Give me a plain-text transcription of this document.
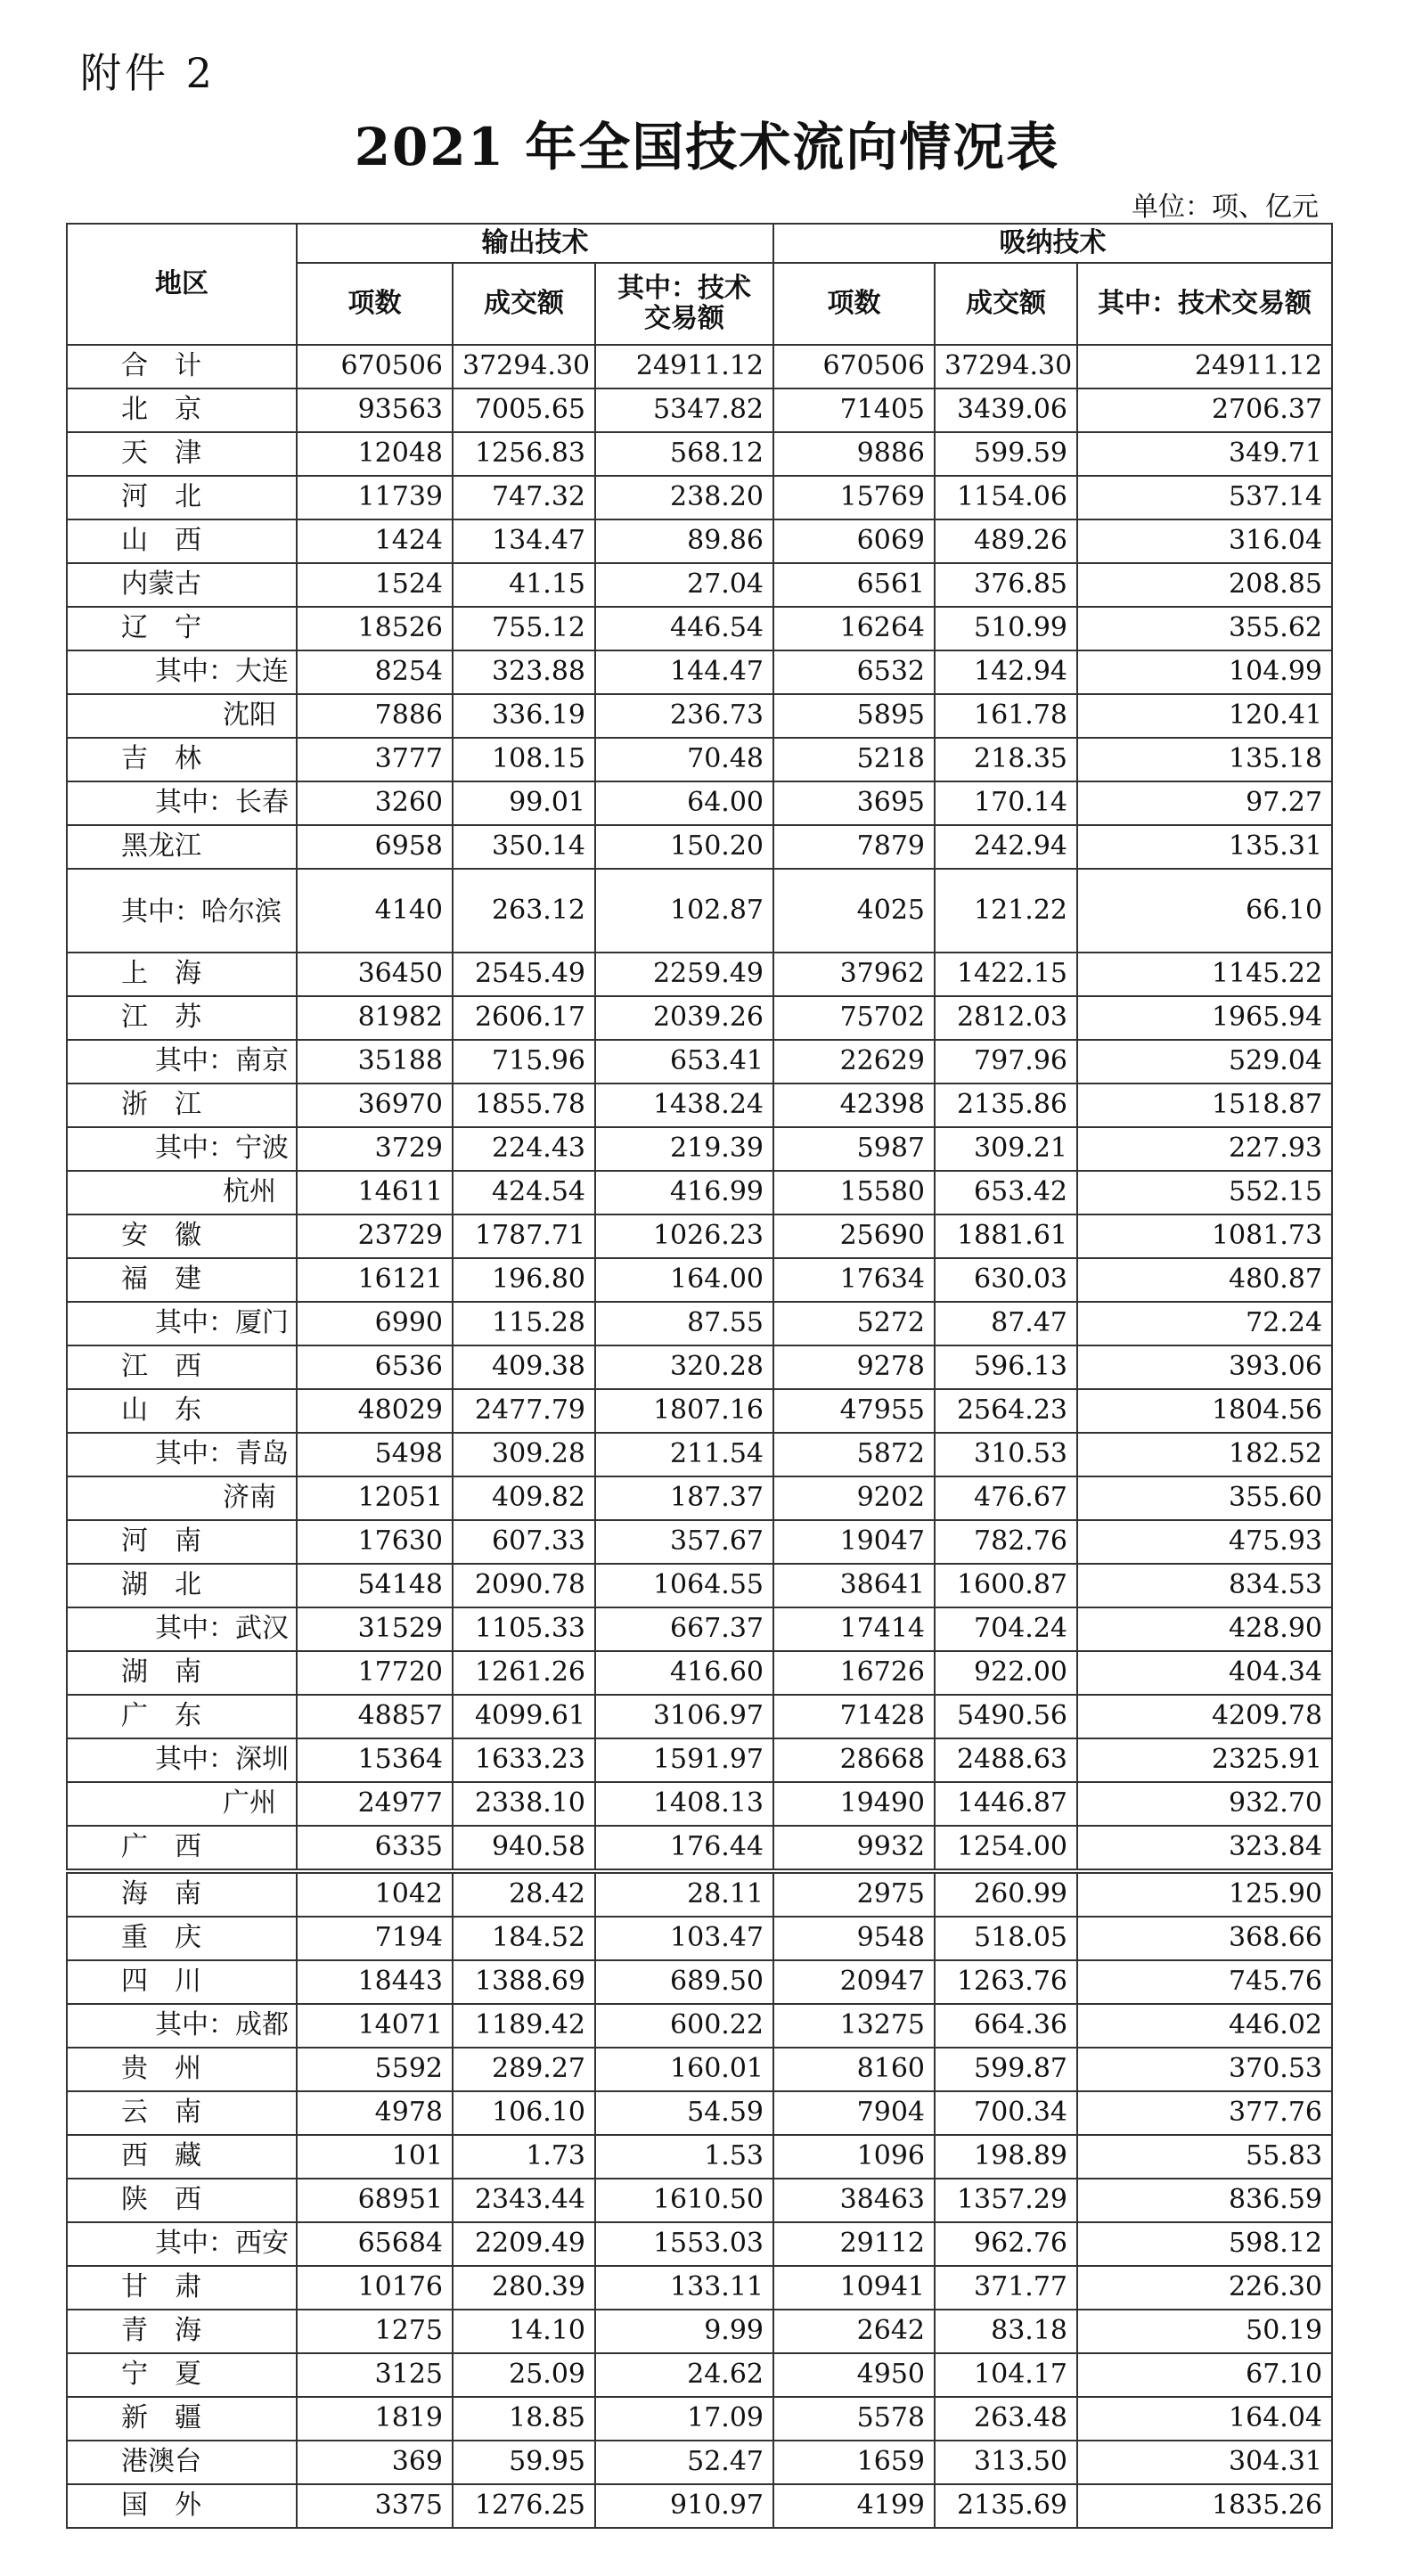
附件 2
2021 年全国技术流向情况表
单位：项、亿元
地区	输出技术			吸纳技术		
	项数	成交额	其中：技术交易额	项数	成交额	其中：技术交易额
合　计	670506	37294.30	24911.12	670506	37294.30	24911.12
北　京	93563	7005.65	5347.82	71405	3439.06	2706.37
天　津	12048	1256.83	568.12	9886	599.59	349.71
河　北	11739	747.32	238.20	15769	1154.06	537.14
山　西	1424	134.47	89.86	6069	489.26	316.04
内蒙古	1524	41.15	27.04	6561	376.85	208.85
辽　宁	18526	755.12	446.54	16264	510.99	355.62
其中：大连	8254	323.88	144.47	6532	142.94	104.99
沈阳	7886	336.19	236.73	5895	161.78	120.41
吉　林	3777	108.15	70.48	5218	218.35	135.18
其中：长春	3260	99.01	64.00	3695	170.14	97.27
黑龙江	6958	350.14	150.20	7879	242.94	135.31
其中：哈尔滨	4140	263.12	102.87	4025	121.22	66.10
上　海	36450	2545.49	2259.49	37962	1422.15	1145.22
江　苏	81982	2606.17	2039.26	75702	2812.03	1965.94
其中：南京	35188	715.96	653.41	22629	797.96	529.04
浙　江	36970	1855.78	1438.24	42398	2135.86	1518.87
其中：宁波	3729	224.43	219.39	5987	309.21	227.93
杭州	14611	424.54	416.99	15580	653.42	552.15
安　徽	23729	1787.71	1026.23	25690	1881.61	1081.73
福　建	16121	196.80	164.00	17634	630.03	480.87
其中：厦门	6990	115.28	87.55	5272	87.47	72.24
江　西	6536	409.38	320.28	9278	596.13	393.06
山　东	48029	2477.79	1807.16	47955	2564.23	1804.56
其中：青岛	5498	309.28	211.54	5872	310.53	182.52
济南	12051	409.82	187.37	9202	476.67	355.60
河　南	17630	607.33	357.67	19047	782.76	475.93
湖　北	54148	2090.78	1064.55	38641	1600.87	834.53
其中：武汉	31529	1105.33	667.37	17414	704.24	428.90
湖　南	17720	1261.26	416.60	16726	922.00	404.34
广　东	48857	4099.61	3106.97	71428	5490.56	4209.78
其中：深圳	15364	1633.23	1591.97	28668	2488.63	2325.91
广州	24977	2338.10	1408.13	19490	1446.87	932.70
广　西	6335	940.58	176.44	9932	1254.00	323.84
海　南	1042	28.42	28.11	2975	260.99	125.90
重　庆	7194	184.52	103.47	9548	518.05	368.66
四　川	18443	1388.69	689.50	20947	1263.76	745.76
其中：成都	14071	1189.42	600.22	13275	664.36	446.02
贵　州	5592	289.27	160.01	8160	599.87	370.53
云　南	4978	106.10	54.59	7904	700.34	377.76
西　藏	101	1.73	1.53	1096	198.89	55.83
陕　西	68951	2343.44	1610.50	38463	1357.29	836.59
其中：西安	65684	2209.49	1553.03	29112	962.76	598.12
甘　肃	10176	280.39	133.11	10941	371.77	226.30
青　海	1275	14.10	9.99	2642	83.18	50.19
宁　夏	3125	25.09	24.62	4950	104.17	67.10
新　疆	1819	18.85	17.09	5578	263.48	164.04
港澳台	369	59.95	52.47	1659	313.50	304.31
国　外	3375	1276.25	910.97	4199	2135.69	1835.26
